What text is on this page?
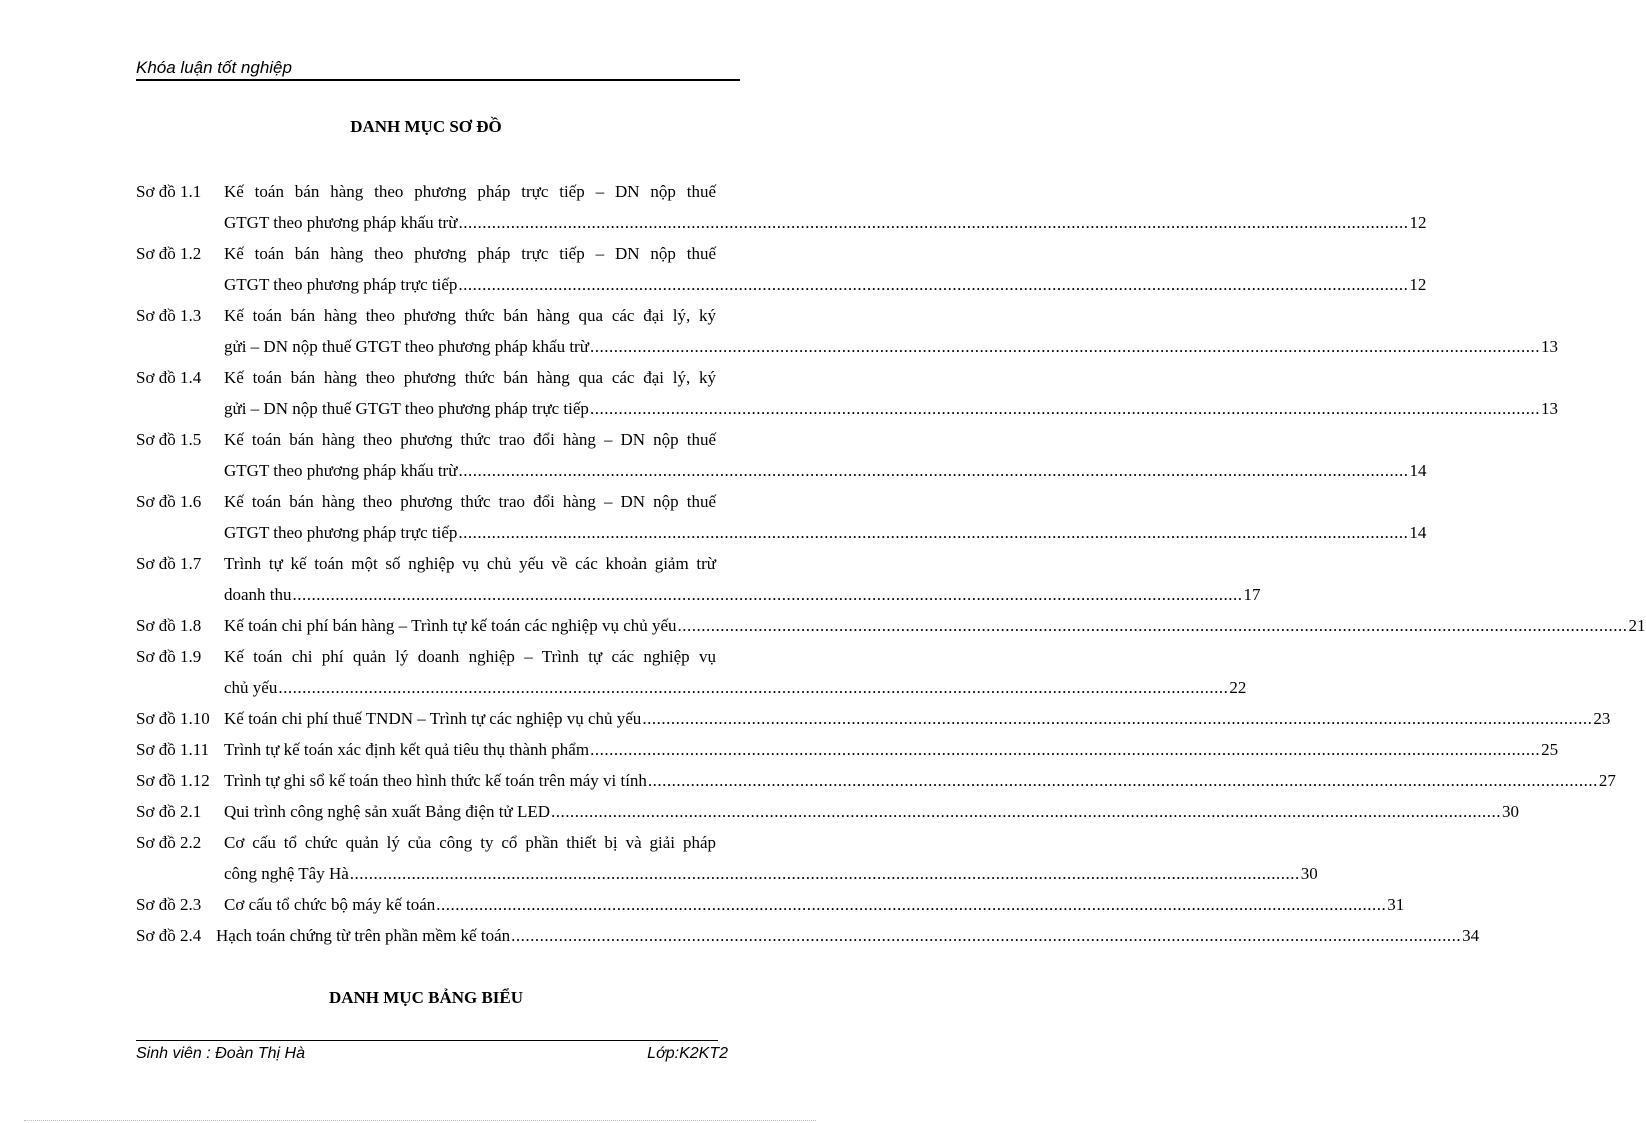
Khóa luận tốt nghiệp
DANH MỤC SƠ ĐỒ
Sơ đồ 1.1 Kế toán bán hàng theo phương pháp trực tiếp – DN nộp thuế
GTGT theo phương pháp khấu trừ ........................................................................................................................................................................................................ 12
Sơ đồ 1.2 Kế toán bán hàng theo phương pháp trực tiếp – DN nộp thuế
GTGT theo phương pháp trực tiếp ........................................................................................................................................................................................................ 12
Sơ đồ 1.3 Kế toán bán hàng theo phương thức bán hàng qua các đại lý, ký
gửi – DN nộp thuế GTGT theo phương pháp khấu trừ ........................................................................................................................................................................................................ 13
Sơ đồ 1.4 Kế toán bán hàng theo phương thức bán hàng qua các đại lý, ký
gửi – DN nộp thuế GTGT theo phương pháp trực tiếp ........................................................................................................................................................................................................ 13
Sơ đồ 1.5 Kế toán bán hàng theo phương thức trao đổi hàng – DN nộp thuế
GTGT theo phương pháp khấu trừ ........................................................................................................................................................................................................ 14
Sơ đồ 1.6 Kế toán bán hàng theo phương thức trao đổi hàng – DN nộp thuế
GTGT theo phương pháp trực tiếp ........................................................................................................................................................................................................ 14
Sơ đồ 1.7 Trình tự kế toán một số nghiệp vụ chủ yếu về các khoản giảm trừ
doanh thu ........................................................................................................................................................................................................ 17
Sơ đồ 1.8 Kế toán chi phí bán hàng – Trình tự kế toán các nghiệp vụ chủ yếu ........................................................................................................................................................................................................ 21
Sơ đồ 1.9 Kế toán chi phí quản lý doanh nghiệp – Trình tự các nghiệp vụ
chủ yếu ........................................................................................................................................................................................................ 22
Sơ đồ 1.10 Kế toán chi phí thuế TNDN – Trình tự các nghiệp vụ chủ yếu ........................................................................................................................................................................................................ 23
Sơ đồ 1.11 Trình tự kế toán xác định kết quả tiêu thụ thành phẩm ........................................................................................................................................................................................................ 25
Sơ đồ 1.12 Trình tự ghi sổ kế toán theo hình thức kế toán trên máy vi tính ........................................................................................................................................................................................................ 27
Sơ đồ 2.1 Qui trình công nghệ sản xuất Bảng điện tử LED ........................................................................................................................................................................................................ 30
Sơ đồ 2.2 Cơ cấu tổ chức quản lý của công ty cổ phần thiết bị và giải pháp
công nghệ Tây Hà ........................................................................................................................................................................................................ 30
Sơ đồ 2.3 Cơ cấu tổ chức bộ máy kế toán ........................................................................................................................................................................................................ 31
Sơ đồ 2.4 Hạch toán chứng từ trên phần mềm kế toán ........................................................................................................................................................................................................ 34
DANH MỤC BẢNG BIỂU
Sinh viên : Đoàn Thị Hà	Lớp:K2KT2
